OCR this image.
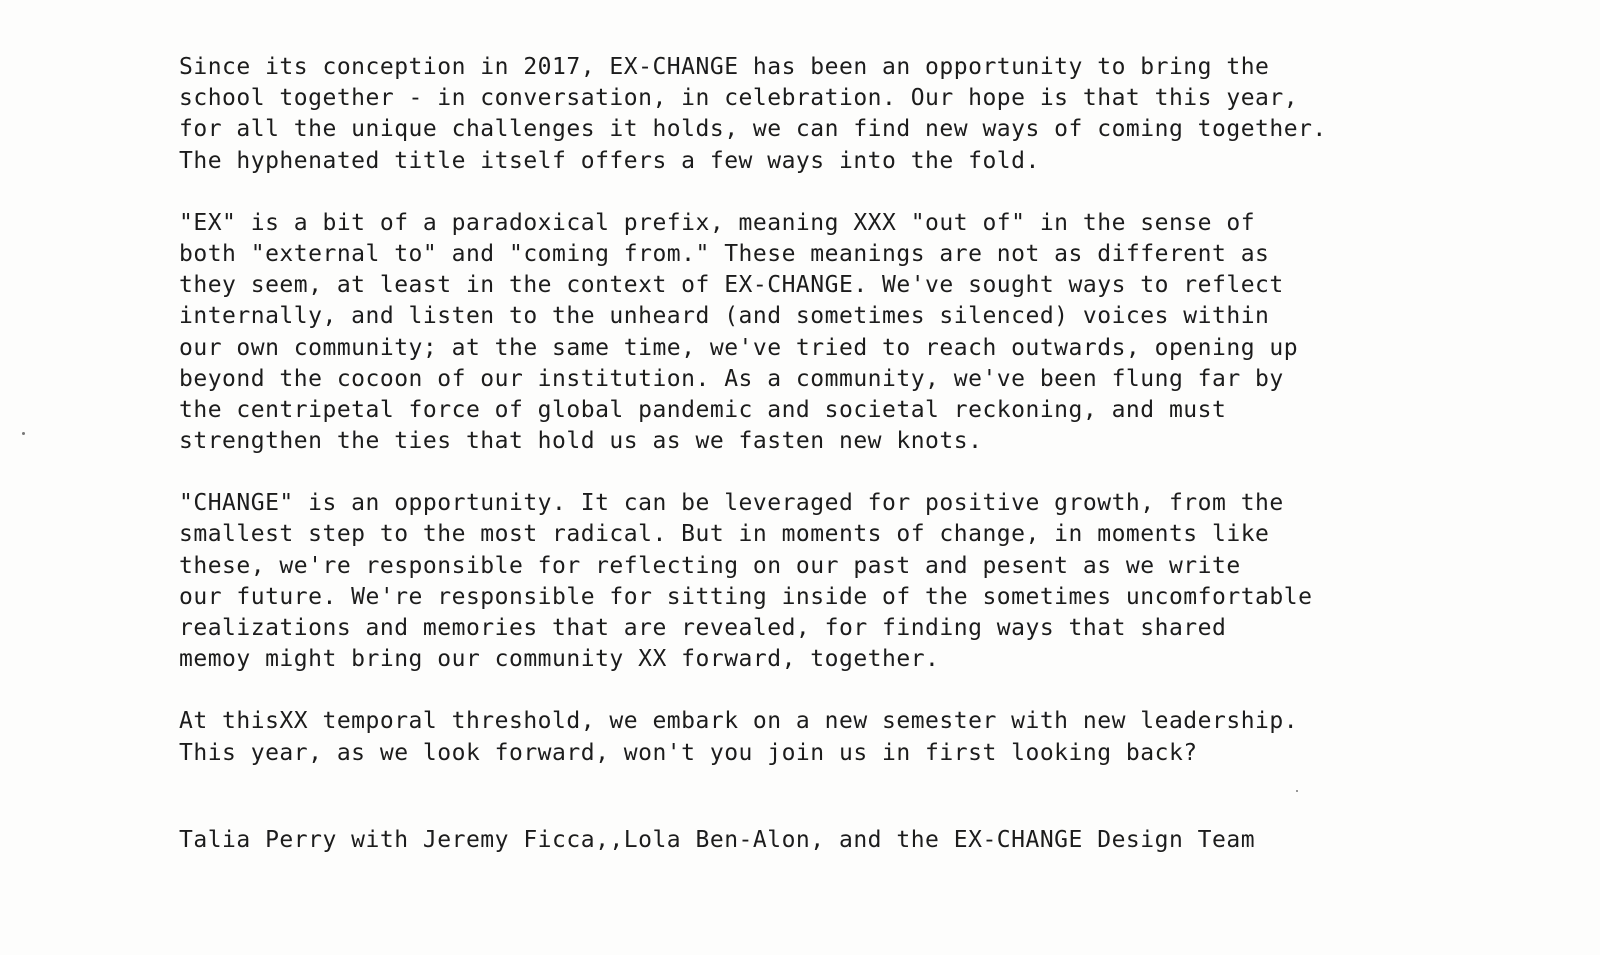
Since its conception in 2017, EX-CHANGE has been an opportunity to bring the
school together - in conversation, in celebration. Our hope is that this year,
for all the unique challenges it holds, we can find new ways of coming together.
The hyphenated title itself offers a few ways into the fold.
"EX" is a bit of a paradoxical prefix, meaning XXX "out of" in the sense of
both "external to" and "coming from." These meanings are not as different as
they seem, at least in the context of EX-CHANGE. We've sought ways to reflect
internally, and listen to the unheard (and sometimes silenced) voices within
our own community; at the same time, we've tried to reach outwards, opening up
beyond the cocoon of our institution. As a community, we've been flung far by
the centripetal force of global pandemic and societal reckoning, and must
strengthen the ties that hold us as we fasten new knots.
"CHANGE" is an opportunity. It can be leveraged for positive growth, from the
smallest step to the most radical. But in moments of change, in moments like
these, we're responsible for reflecting on our past and pesent as we write
our future. We're responsible for sitting inside of the sometimes uncomfortable
realizations and memories that are revealed, for finding ways that shared
memoy might bring our community XX forward, together.
At thisXX temporal threshold, we embark on a new semester with new leadership.
This year, as we look forward, won't you join us in first looking back?
Talia Perry with Jeremy Ficca,,Lola Ben-Alon, and the EX-CHANGE Design Team
